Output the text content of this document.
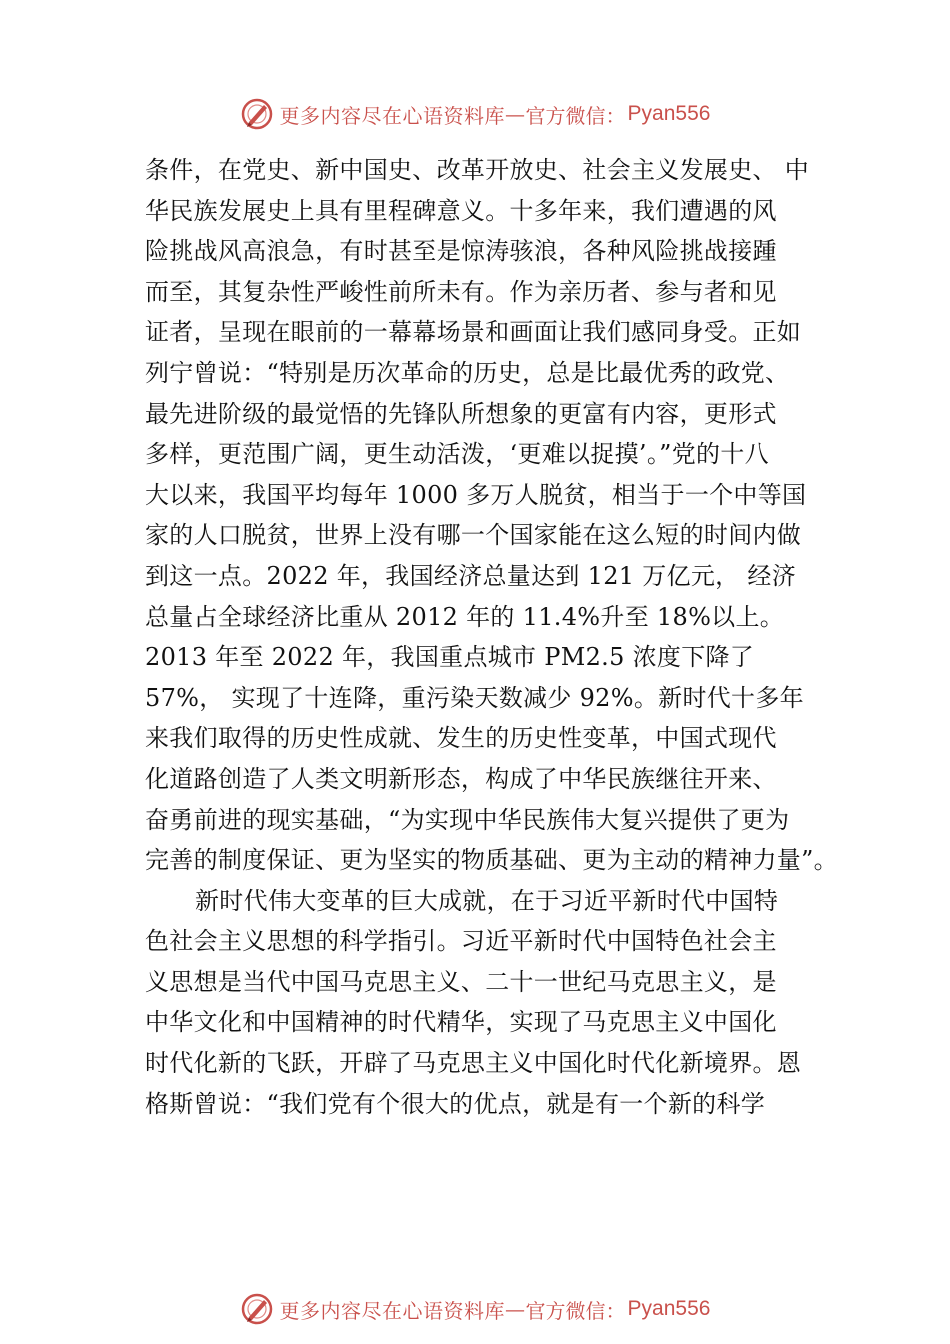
更多内容尽在心语资料库 — 官方微信： Pyan556
条件，在党史、新中国史、改革开放史、社会主义发展史、 中
华民族发展史上具有里程碑意义。十多年来，我们遭遇的风
险挑战风高浪急，有时甚至是惊涛骇浪，各种风险挑战接踵
而至，其复杂性严峻性前所未有。作为亲历者、参与者和见
证者，呈现在眼前的一幕幕场景和画面让我们感同身受。正如
列宁曾说：“特别是历次革命的历史，总是比最优秀的政党、
最先进阶级的最觉悟的先锋队所想象的更富有内容，更形式
多样，更范围广阔，更生动活泼，‘更难以捉摸’。”党的十八
大以来，我国平均每年 1000 多万人脱贫，相当于一个中等国
家的人口脱贫，世界上没有哪一个国家能在这么短的时间内做
到这一点。2022 年，我国经济总量达到 121 万亿元， 经济
总量占全球经济比重从 2012 年的 11.4%升至 18%以上。
2013 年至 2022 年，我国重点城市 PM2.5 浓度下降了
57%， 实现了十连降，重污染天数减少 92%。新时代十多年
来我们取得的历史性成就、发生的历史性变革，中国式现代
化道路创造了人类文明新形态，构成了中华民族继往开来、
奋勇前进的现实基础，“为实现中华民族伟大复兴提供了更为
完善的制度保证、更为坚实的物质基础、更为主动的精神力量”。
新时代伟大变革的巨大成就，在于习近平新时代中国特
色社会主义思想的科学指引。习近平新时代中国特色社会主
义思想是当代中国马克思主义、二十一世纪马克思主义，是
中华文化和中国精神的时代精华，实现了马克思主义中国化
时代化新的飞跃，开辟了马克思主义中国化时代化新境界。恩
格斯曾说：“我们党有个很大的优点，就是有一个新的科学
更多内容尽在心语资料库 — 官方微信： Pyan556
